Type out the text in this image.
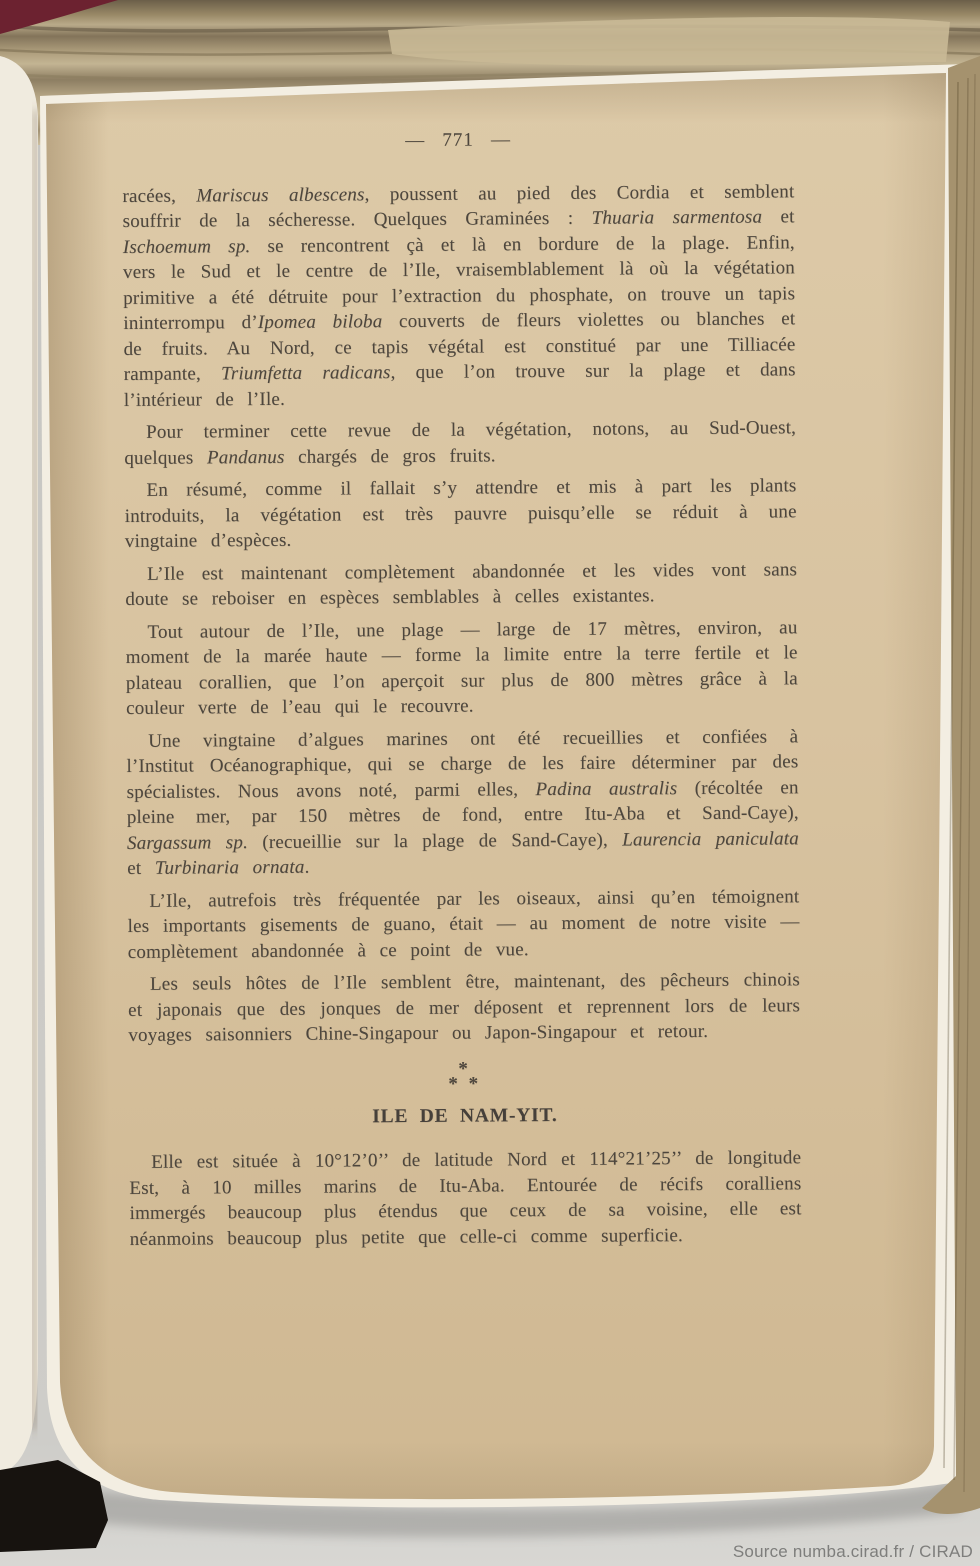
— 771 —

racées, Mariscus albescens, poussent au pied des Cordia et semblent souffrir de la sécheresse. Quelques Graminées : Thuaria sarmentosa et Ischoemum sp. se rencontrent çà et là en bordure de la plage. Enfin, vers le Sud et le centre de l’Ile, vraisemblablement là où la végétation primitive a été détruite pour l’extraction du phosphate, on trouve un tapis ininterrompu d’Ipomea biloba couverts de fleurs violettes ou blanches et de fruits. Au Nord, ce tapis végétal est constitué par une Tilliacée rampante, Triumfetta radicans, que l’on trouve sur la plage et dans l’intérieur de l’Ile.

Pour terminer cette revue de la végétation, notons, au Sud-Ouest, quelques Pandanus chargés de gros fruits.

En résumé, comme il fallait s’y attendre et mis à part les plants introduits, la végétation est très pauvre puisqu’elle se réduit à une vingtaine d’espèces.

L’Ile est maintenant complètement abandonnée et les vides vont sans doute se reboiser en espèces semblables à celles existantes.

Tout autour de l’Ile, une plage — large de 17 mètres, environ, au moment de la marée haute — forme la limite entre la terre fertile et le plateau corallien, que l’on aperçoit sur plus de 800 mètres grâce à la couleur verte de l’eau qui le recouvre.

Une vingtaine d’algues marines ont été recueillies et confiées à l’Institut Océanographique, qui se charge de les faire déterminer par des spécialistes. Nous avons noté, parmi elles, Padina australis (récoltée en pleine mer, par 150 mètres de fond, entre Itu-Aba et Sand-Caye), Sargassum sp. (recueillie sur la plage de Sand-Caye), Laurencia paniculata et Turbinaria ornata.

L’Ile, autrefois très fréquentée par les oiseaux, ainsi qu’en témoignent les importants gisements de guano, était — au moment de notre visite — complètement abandonnée à ce point de vue.

Les seuls hôtes de l’Ile semblent être, maintenant, des pêcheurs chinois et japonais que des jonques de mer déposent et reprennent lors de leurs voyages saisonniers Chine-Singapour ou Japon-Singapour et retour.

*
* *
ILE DE NAM-YIT.

Elle est située à 10°12’0’’ de latitude Nord et 114°21’25’’ de longitude Est, à 10 milles marins de Itu-Aba. Entourée de récifs coralliens immergés beaucoup plus étendus que ceux de sa voisine, elle est néanmoins beaucoup plus petite que celle-ci comme superficie.

Source numba.cirad.fr / CIRAD
